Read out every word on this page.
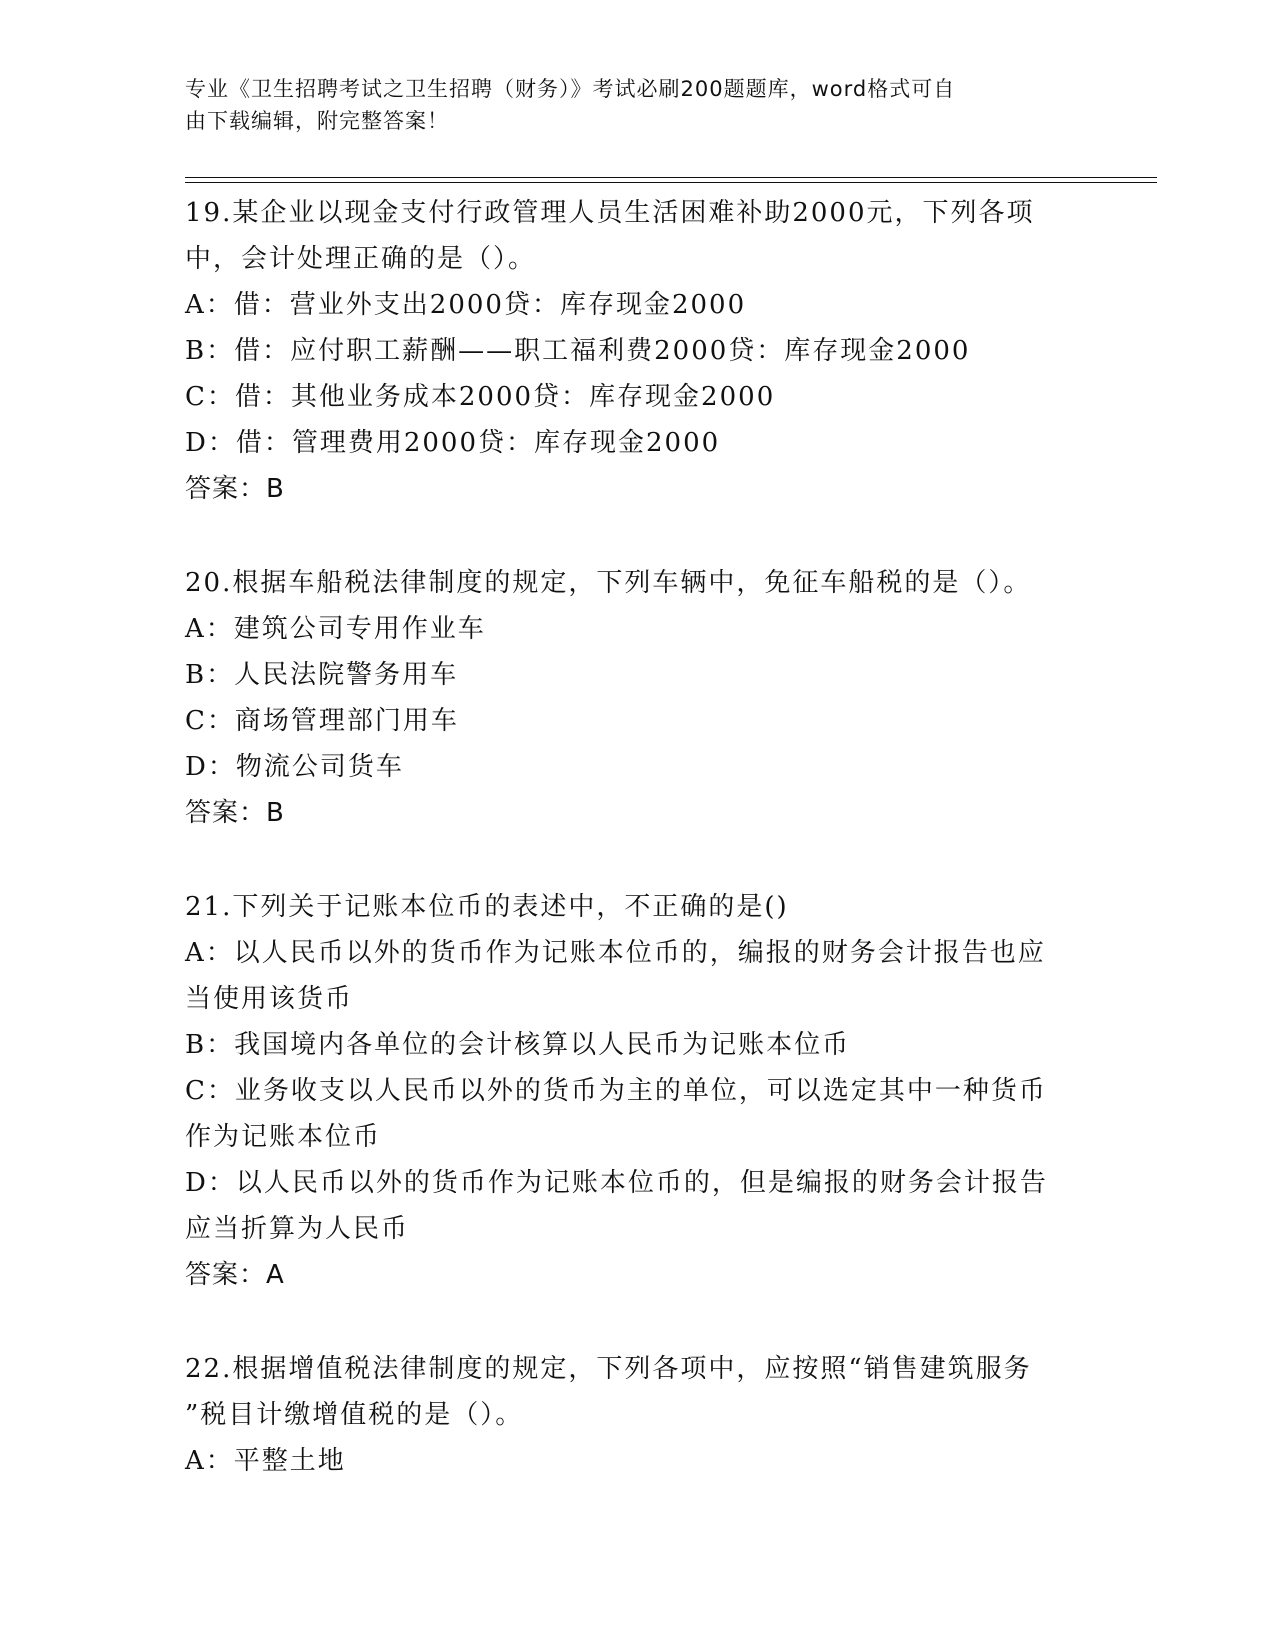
专业《卫生招聘考试之卫生招聘（财务）》考试必刷200题题库，word格式可自
由下载编辑，附完整答案！
19.某企业以现金支付行政管理人员生活困难补助2000元，下列各项
中，会计处理正确的是（）。
A：借：营业外支出2000贷：库存现金2000
B：借：应付职工薪酬——职工福利费2000贷：库存现金2000
C：借：其他业务成本2000贷：库存现金2000
D：借：管理费用2000贷：库存现金2000
答案：B
20.根据车船税法律制度的规定，下列车辆中，免征车船税的是（）。
A：建筑公司专用作业车
B：人民法院警务用车
C：商场管理部门用车
D：物流公司货车
答案：B
21.下列关于记账本位币的表述中，不正确的是()
A：以人民币以外的货币作为记账本位币的，编报的财务会计报告也应
当使用该货币
B：我国境内各单位的会计核算以人民币为记账本位币
C：业务收支以人民币以外的货币为主的单位，可以选定其中一种货币
作为记账本位币
D：以人民币以外的货币作为记账本位币的，但是编报的财务会计报告
应当折算为人民币
答案：A
22.根据增值税法律制度的规定，下列各项中，应按照“销售建筑服务
”税目计缴增值税的是（）。
A：平整土地
